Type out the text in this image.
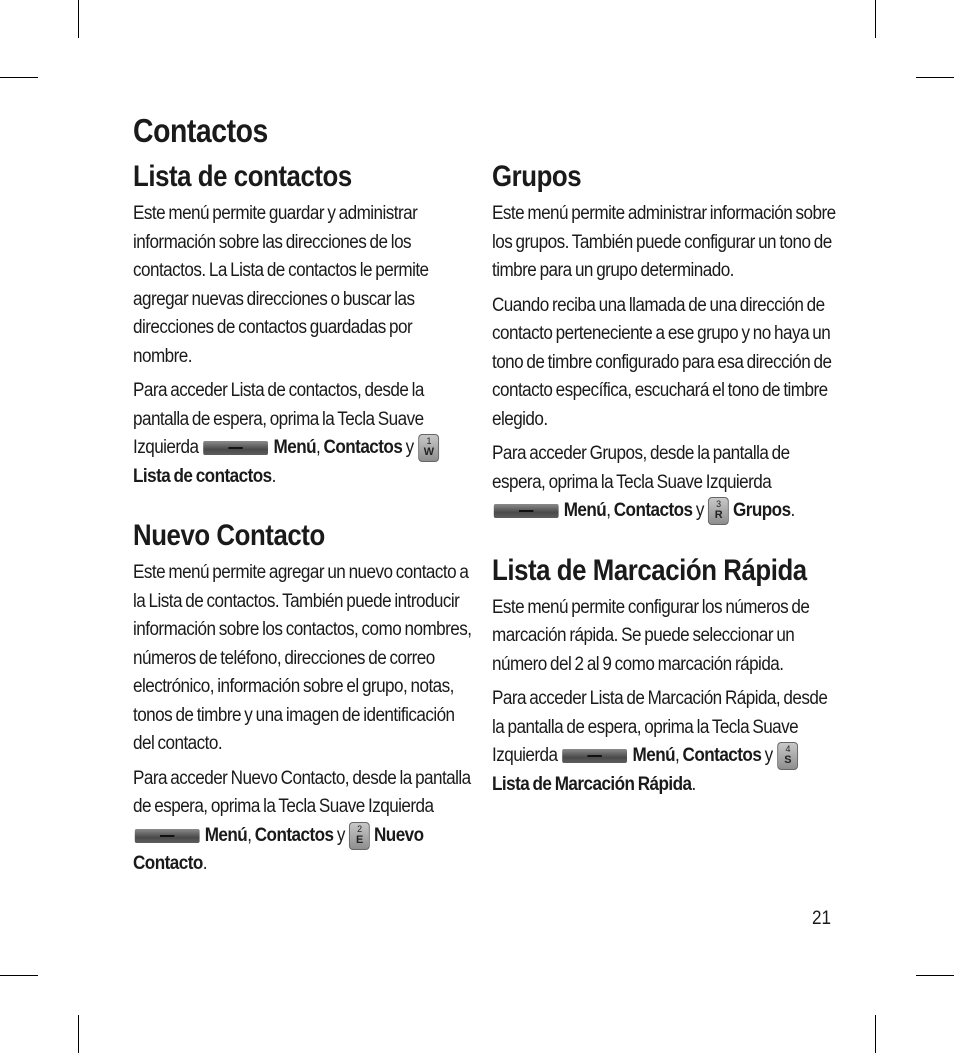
Contactos
Lista de contactos

Este menú permite guardar y administrar información sobre las direcciones de los contactos. La Lista de contactos le permite agregar nuevas direcciones o buscar las direcciones de contactos guardadas por nombre.

Para acceder Lista de contactos, desde la pantalla de espera, oprima la Tecla Suave Izquierda	Menú, Contactos y	1
W
Lista de contactos.

Nuevo Contacto

Este menú permite agregar un nuevo contacto a la Lista de contactos. También puede introducir información sobre los contactos, como nombres, números de teléfono, direcciones de correo electrónico, información sobre el grupo, notas, tonos de timbre y una imagen de identificación del contacto.

Para acceder Nuevo Contacto, desde la pantalla de espera, oprima la Tecla Suave Izquierda  Menú, Contactos y	2
E Nuevo Contacto.

Grupos

Este menú permite administrar información sobre los grupos. También puede configurar un tono de timbre para un grupo determinado.

Cuando reciba una llamada de una dirección de contacto perteneciente a ese grupo y no haya un tono de timbre configurado para esa dirección de contacto específica, escuchará el tono de timbre elegido.

Para acceder Grupos, desde la pantalla de espera, oprima la Tecla Suave Izquierda  Menú, Contactos y	3
R Grupos.

Lista de Marcación Rápida

Este menú permite configurar los números de marcación rápida. Se puede seleccionar un número del 2 al 9 como marcación rápida.

Para acceder Lista de Marcación Rápida, desde la pantalla de espera, oprima la Tecla Suave Izquierda	Menú, Contactos y	4
S
Lista de Marcación Rápida.

21
